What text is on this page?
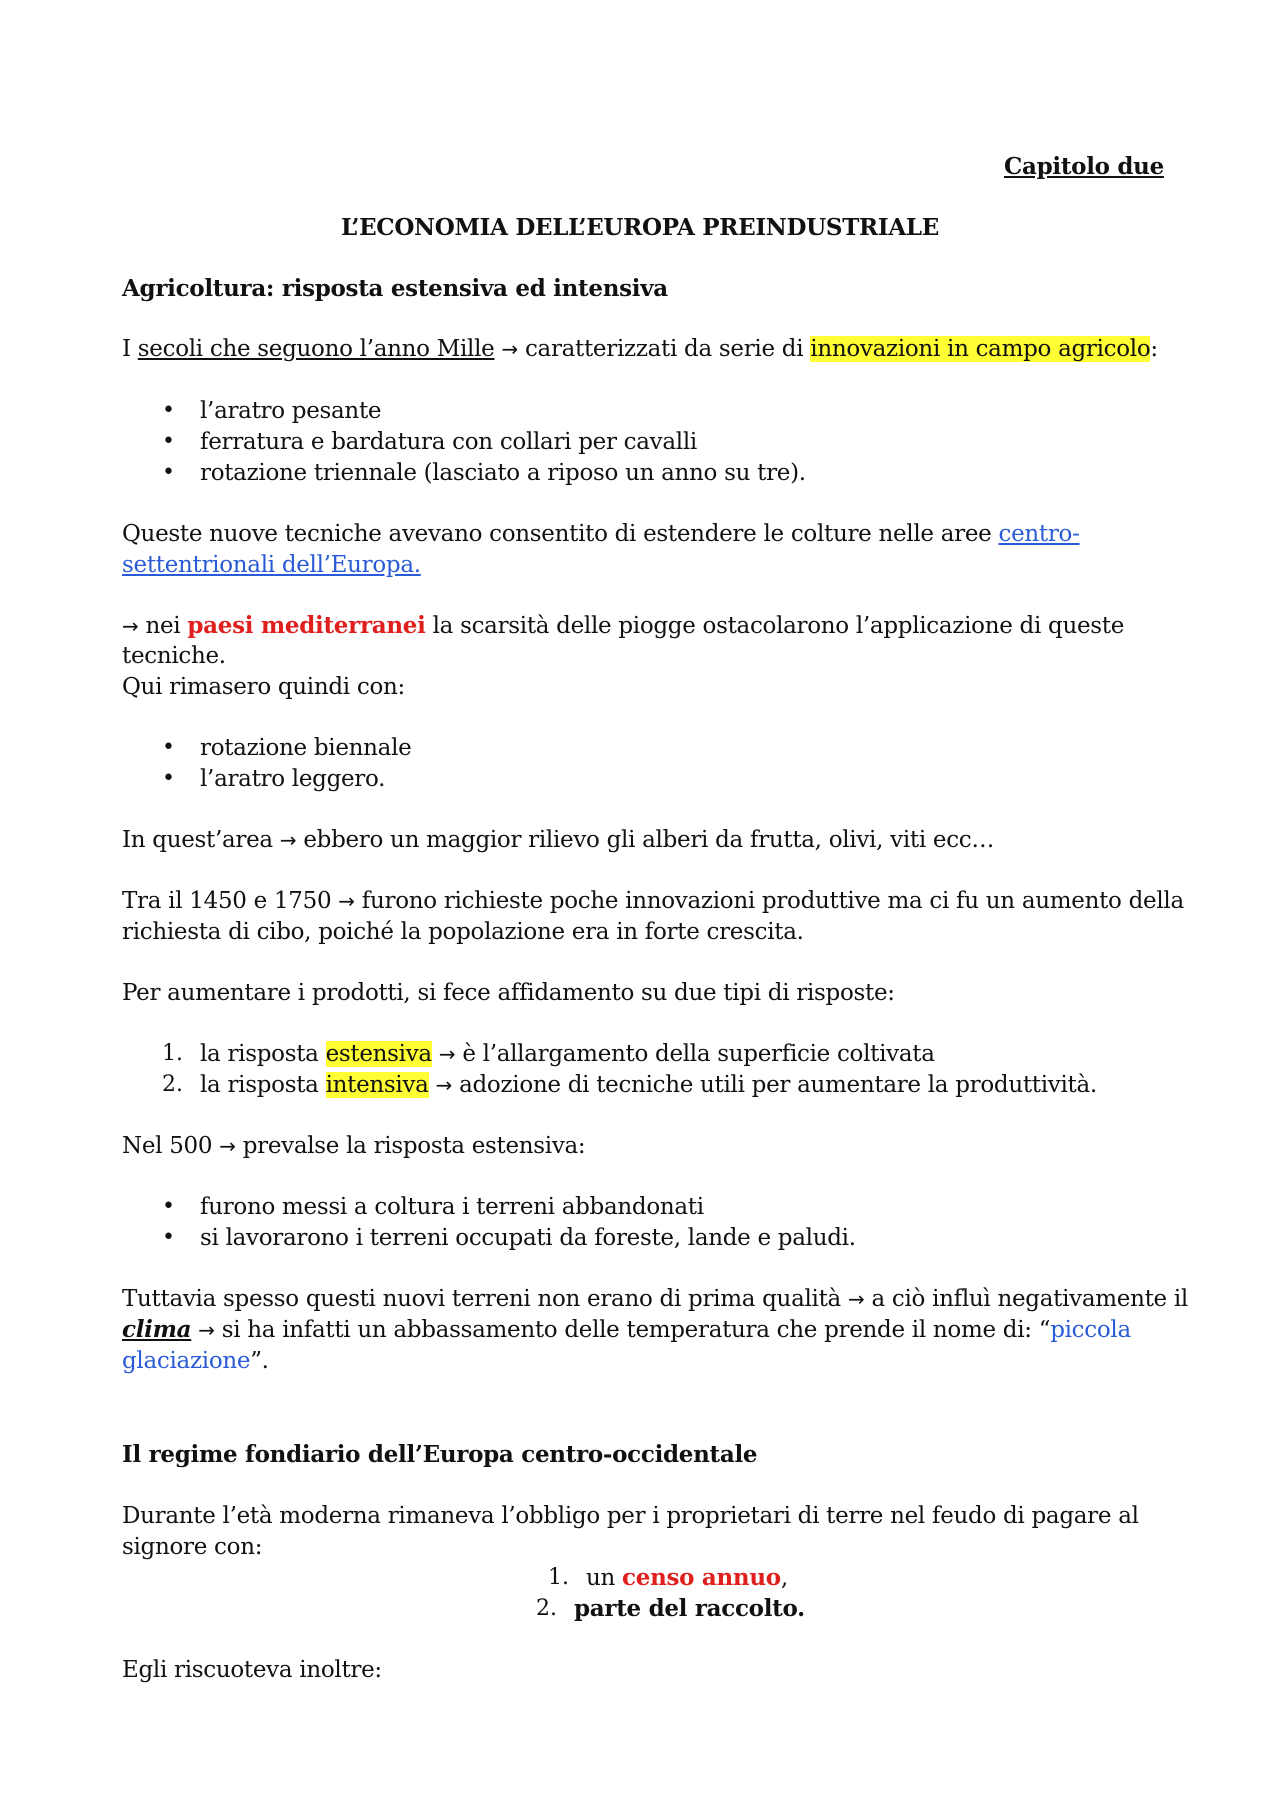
Capitolo due
L’ECONOMIA DELL’EUROPA PREINDUSTRIALE
Agricoltura: risposta estensiva ed intensiva
I secoli che seguono l’anno Mille → caratterizzati da serie di innovazioni in campo agricolo:
• l’aratro pesante
• ferratura e bardatura con collari per cavalli
• rotazione triennale (lasciato a riposo un anno su tre).
Queste nuove tecniche avevano consentito di estendere le colture nelle aree centro-
settentrionali dell’Europa.
→ nei paesi mediterranei la scarsità delle piogge ostacolarono l’applicazione di queste
tecniche.
Qui rimasero quindi con:
• rotazione biennale
• l’aratro leggero.
In quest’area → ebbero un maggior rilievo gli alberi da frutta, olivi, viti ecc…
Tra il 1450 e 1750 → furono richieste poche innovazioni produttive ma ci fu un aumento della
richiesta di cibo, poiché la popolazione era in forte crescita.
Per aumentare i prodotti, si fece affidamento su due tipi di risposte:
1. la risposta estensiva → è l’allargamento della superficie coltivata
2. la risposta intensiva → adozione di tecniche utili per aumentare la produttività.
Nel 500 → prevalse la risposta estensiva:
• furono messi a coltura i terreni abbandonati
• si lavorarono i terreni occupati da foreste, lande e paludi.
Tuttavia spesso questi nuovi terreni non erano di prima qualità → a ciò influì negativamente il
clima → si ha infatti un abbassamento delle temperatura che prende il nome di: “piccola
glaciazione”.
Il regime fondiario dell’Europa centro-occidentale
Durante l’età moderna rimaneva l’obbligo per i proprietari di terre nel feudo di pagare al
signore con:
1. un censo annuo,
2. parte del raccolto.
Egli riscuoteva inoltre:
